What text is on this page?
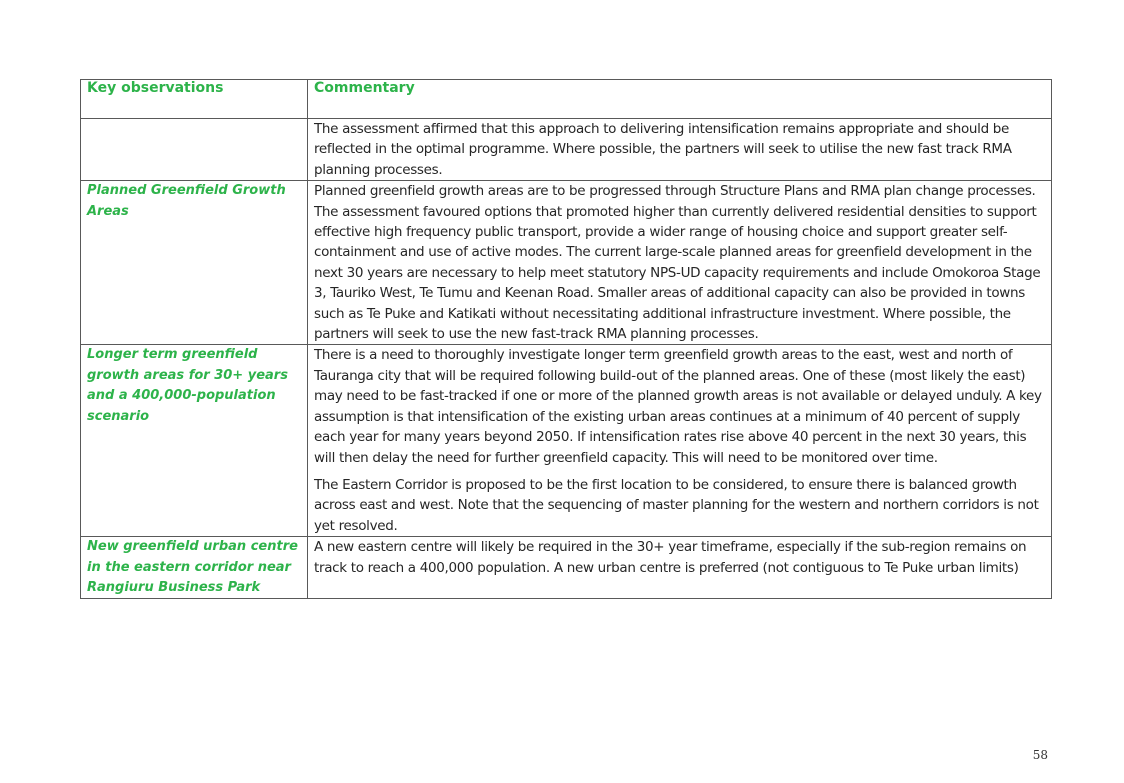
Key observations	Commentary

	The assessment affirmed that this approach to delivering intensification remains appropriate and should be reflected in the optimal programme. Where possible, the partners will seek to utilise the new fast track RMA planning processes.

Planned Greenfield Growth Areas	Planned greenfield growth areas are to be progressed through Structure Plans and RMA plan change processes. The assessment favoured options that promoted higher than currently delivered residential densities to support effective high frequency public transport, provide a wider range of housing choice and support greater self-containment and use of active modes. The current large-scale planned areas for greenfield development in the next 30 years are necessary to help meet statutory NPS-UD capacity requirements and include Omokoroa Stage 3, Tauriko West, Te Tumu and Keenan Road. Smaller areas of additional capacity can also be provided in towns such as Te Puke and Katikati without necessitating additional infrastructure investment. Where possible, the partners will seek to use the new fast-track RMA planning processes.

Longer term greenfield growth areas for 30+ years and a 400,000-population scenario	There is a need to thoroughly investigate longer term greenfield growth areas to the east, west and north of Tauranga city that will be required following build-out of the planned areas. One of these (most likely the east) may need to be fast-tracked if one or more of the planned growth areas is not available or delayed unduly. A key assumption is that intensification of the existing urban areas continues at a minimum of 40 percent of supply each year for many years beyond 2050. If intensification rates rise above 40 percent in the next 30 years, this will then delay the need for further greenfield capacity. This will need to be monitored over time.

The Eastern Corridor is proposed to be the first location to be considered, to ensure there is balanced growth across east and west. Note that the sequencing of master planning for the western and northern corridors is not yet resolved.

New greenfield urban centre in the eastern corridor near Rangiuru Business Park	A new eastern centre will likely be required in the 30+ year timeframe, especially if the sub-region remains on track to reach a 400,000 population. A new urban centre is preferred (not contiguous to Te Puke urban limits)

58
